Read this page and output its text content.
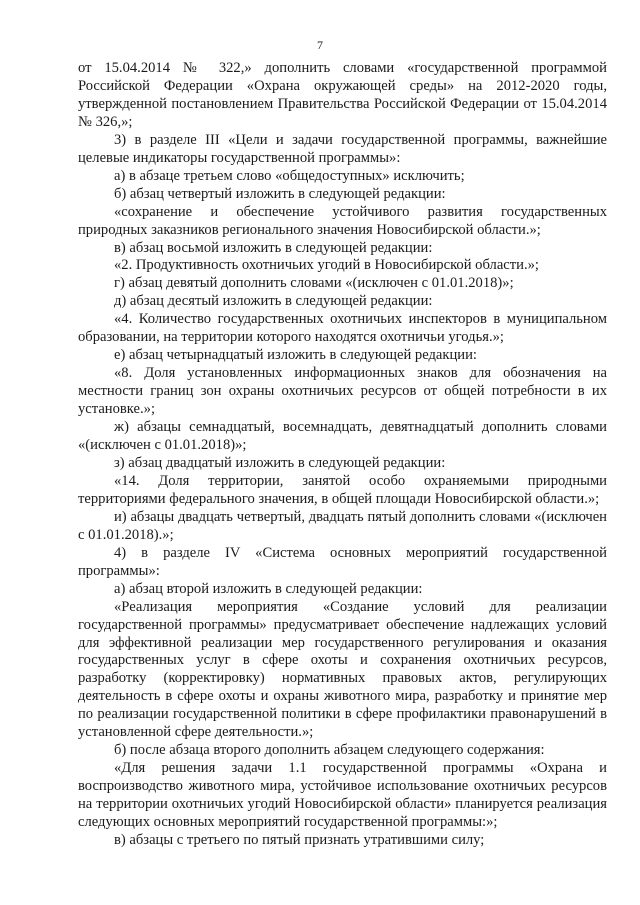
7

от 15.04.2014 № 322,» дополнить словами «государственной программой Российской Федерации «Охрана окружающей среды» на 2012-2020 годы, утвержденной постановлением Правительства Российской Федерации от 15.04.2014 № 326,»;

3) в разделе III «Цели и задачи государственной программы, важнейшие целевые индикаторы государственной программы»:

а) в абзаце третьем слово «общедоступных» исключить;

б) абзац четвертый изложить в следующей редакции:

«сохранение и обеспечение устойчивого развития государственных природных заказников регионального значения Новосибирской области.»;

в) абзац восьмой изложить в следующей редакции:

«2. Продуктивность охотничьих угодий в Новосибирской области.»;

г) абзац девятый дополнить словами «(исключен с 01.01.2018)»;

д) абзац десятый изложить в следующей редакции:

«4. Количество государственных охотничьих инспекторов в муниципальном образовании, на территории которого находятся охотничьи угодья.»;

е) абзац четырнадцатый изложить в следующей редакции:

«8. Доля установленных информационных знаков для обозначения на местности границ зон охраны охотничьих ресурсов от общей потребности в их установке.»;

ж) абзацы семнадцатый, восемнадцать, девятнадцатый дополнить словами «(исключен с 01.01.2018)»;

з) абзац двадцатый изложить в следующей редакции:

«14. Доля территории, занятой особо охраняемыми природными территориями федерального значения, в общей площади Новосибирской области.»;

и) абзацы двадцать четвертый, двадцать пятый дополнить словами «(исключен с 01.01.2018).»;

4) в разделе IV «Система основных мероприятий государственной программы»:

а) абзац второй изложить в следующей редакции:

«Реализация мероприятия «Создание условий для реализации государственной программы» предусматривает обеспечение надлежащих условий для эффективной реализации мер государственного регулирования и оказания государственных услуг в сфере охоты и сохранения охотничьих ресурсов, разработку (корректировку) нормативных правовых актов, регулирующих деятельность в сфере охоты и охраны животного мира, разработку и принятие мер по реализации государственной политики в сфере профилактики правонарушений в установленной сфере деятельности.»;

б) после абзаца второго дополнить абзацем следующего содержания:

«Для решения задачи 1.1 государственной программы «Охрана и воспроизводство животного мира, устойчивое использование охотничьих ресурсов на территории охотничьих угодий Новосибирской области» планируется реализация следующих основных мероприятий государственной программы:»;

в) абзацы с третьего по пятый признать утратившими силу;
